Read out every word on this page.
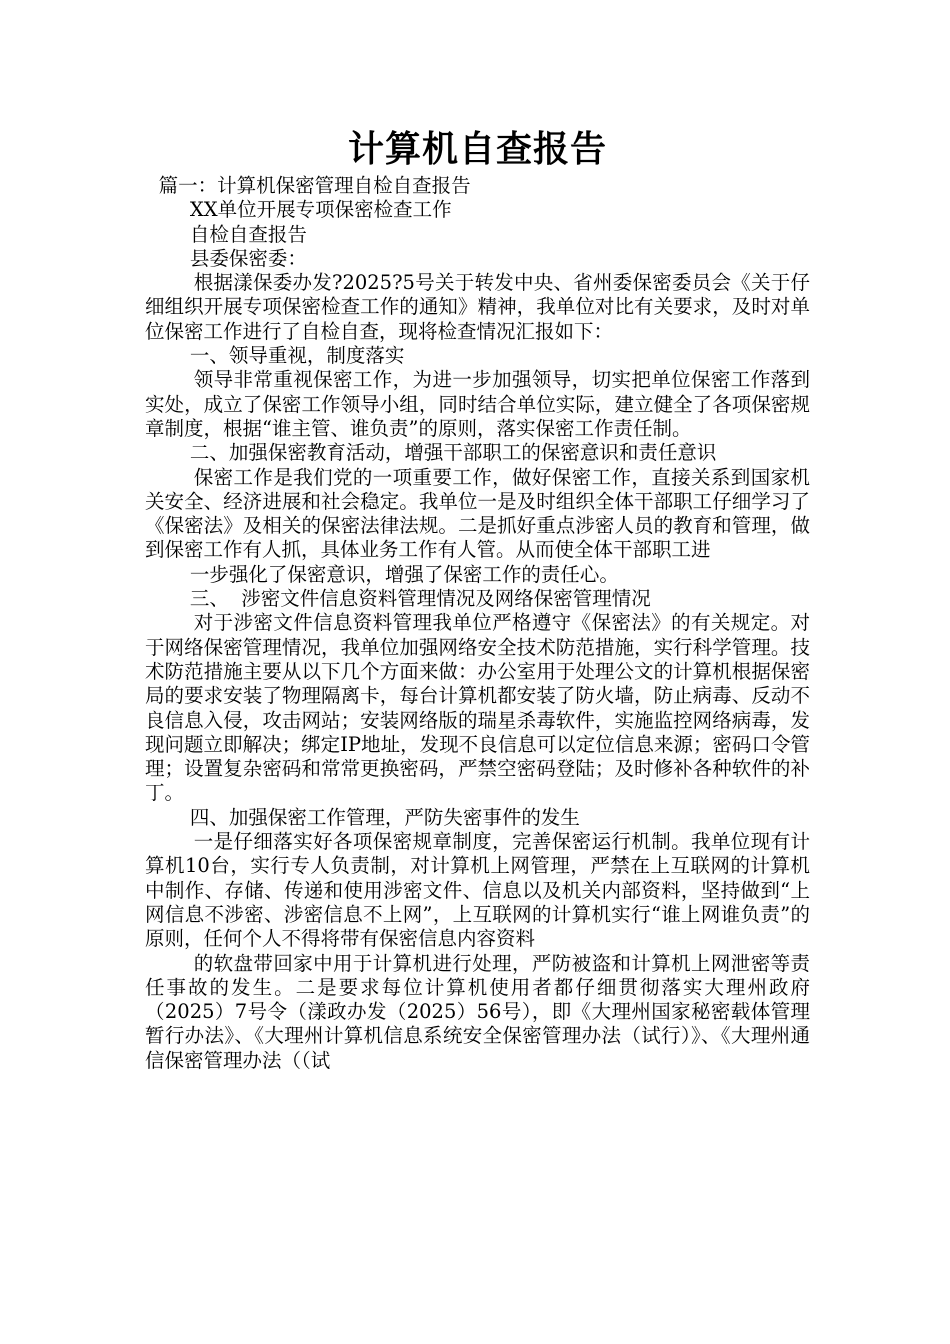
计算机自查报告

篇一：计算机保密管理自检自查报告

XX单位开展专项保密检查工作

自检自查报告

县委保密委：

根据漾保委办发?2025?5号关于转发中央、省州委保密委员会《关于仔细组织开展专项保密检查工作的通知》精神，我单位对比有关要求，及时对单位保密工作进行了自检自查，现将检查情况汇报如下：

一、领导重视，制度落实

领导非常重视保密工作，为进一步加强领导，切实把单位保密工作落到实处，成立了保密工作领导小组，同时结合单位实际，建立健全了各项保密规章制度，根据“谁主管、谁负责”的原则，落实保密工作责任制。

二、加强保密教育活动，增强干部职工的保密意识和责任意识

保密工作是我们党的一项重要工作，做好保密工作，直接关系到国家机关安全、经济进展和社会稳定。我单位一是及时组织全体干部职工仔细学习了《保密法》及相关的保密法律法规。二是抓好重点涉密人员的教育和管理，做到保密工作有人抓，具体业务工作有人管。从而使全体干部职工进

一步强化了保密意识，增强了保密工作的责任心。

三、  涉密文件信息资料管理情况及网络保密管理情况

对于涉密文件信息资料管理我单位严格遵守《保密法》的有关规定。对于网络保密管理情况，我单位加强网络安全技术防范措施，实行科学管理。技术防范措施主要从以下几个方面来做：办公室用于处理公文的计算机根据保密局的要求安装了物理隔离卡，每台计算机都安装了防火墙，防止病毒、反动不良信息入侵，攻击网站；安装网络版的瑞星杀毒软件，实施监控网络病毒，发现问题立即解决；绑定IP地址，发现不良信息可以定位信息来源；密码口令管理；设置复杂密码和常常更换密码，严禁空密码登陆；及时修补各种软件的补丁。

四、加强保密工作管理，严防失密事件的发生

一是仔细落实好各项保密规章制度，完善保密运行机制。我单位现有计算机10台，实行专人负责制，对计算机上网管理，严禁在上互联网的计算机中制作、存储、传递和使用涉密文件、信息以及机关内部资料，坚持做到“上网信息不涉密、涉密信息不上网”，上互联网的计算机实行“谁上网谁负责”的原则，任何个人不得将带有保密信息内容资料

的软盘带回家中用于计算机进行处理，严防被盗和计算机上网泄密等责任事故的发生。二是要求每位计算机使用者都仔细贯彻落实大理州政府（2025）7号令（漾政办发（2025）56号），即《大理州国家秘密载体管理暂行办法》、《大理州计算机信息系统安全保密管理办法（试行）》、《大理州通信保密管理办法（（试
